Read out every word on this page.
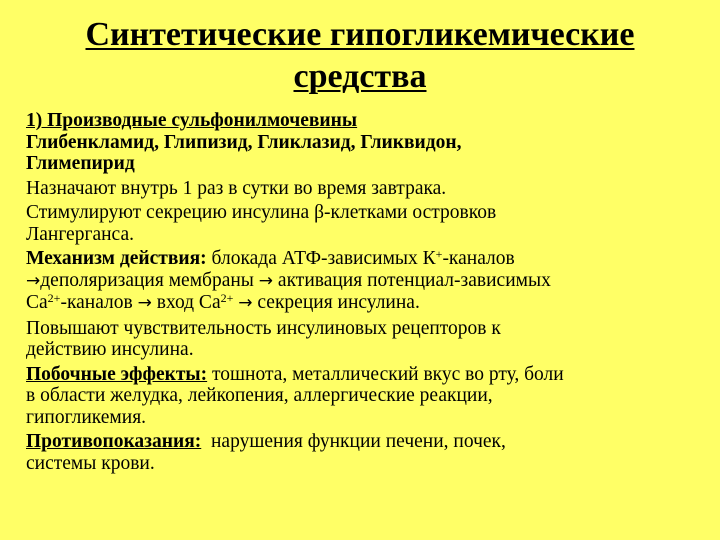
Синтетические гипогликемические
средства
1) Производные сульфонилмочевины
Глибенкламид, Глипизид, Гликлазид, Гликвидон,
Глимепирид
Назначают внутрь 1 раз в сутки во время завтрака.
Стимулируют секрецию инсулина β-клетками островков
Лангерганса.
Механизм действия: блокада АТФ-зависимых К+-каналов
→деполяризация мембраны → активация потенциал-зависимых
$Са^{2+}$-каналов → вход $Са^{2+}$ → секреция инсулина.
Повышают чувствительность инсулиновых рецепторов к
действию инсулина.
Побочные эффекты: тошнота, металлический вкус во рту, боли
в области желудка, лейкопения, аллергические реакции,
гипогликемия.
Противопоказания:  нарушения функции печени, почек,
системы крови.
